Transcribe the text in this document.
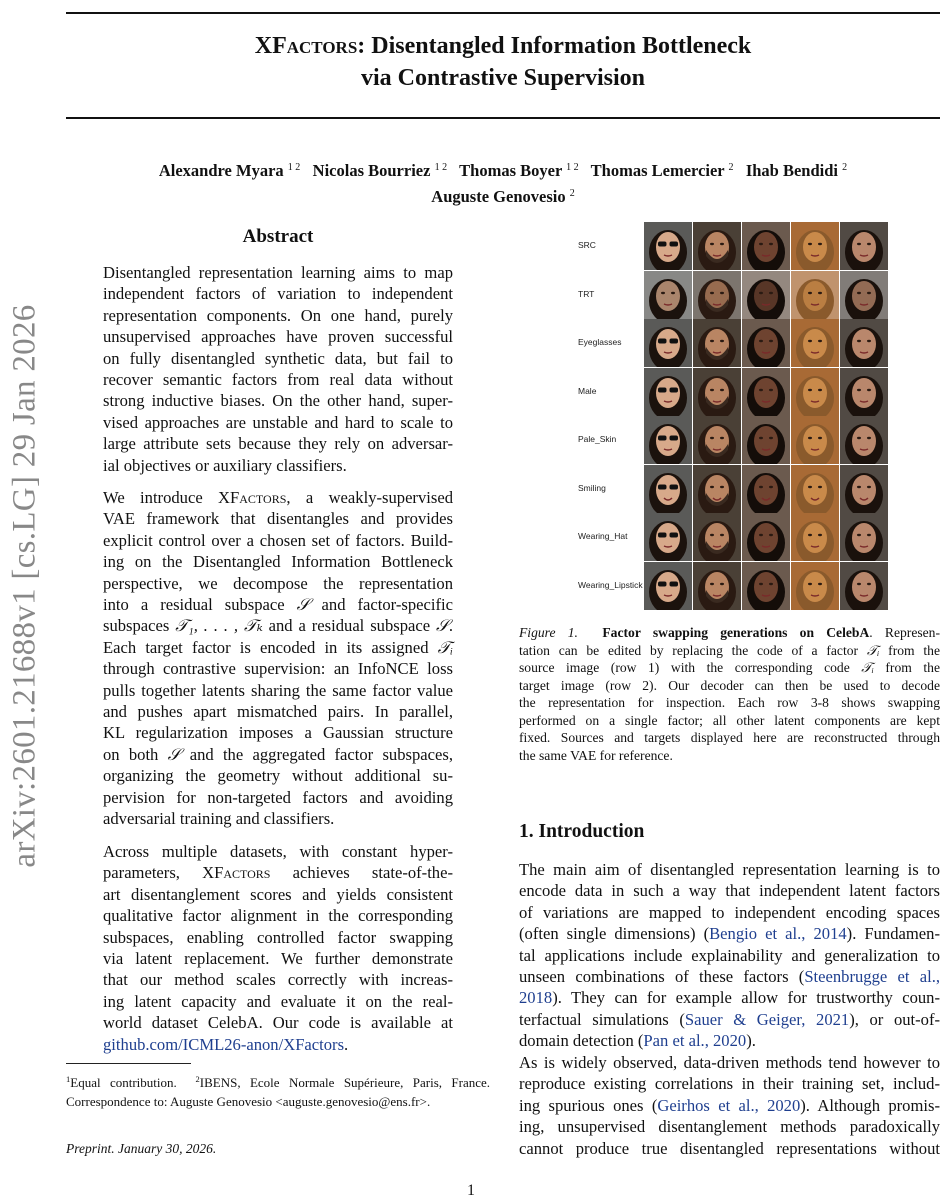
XFactors: Disentangled Information Bottleneck
via Contrastive Supervision
Alexandre Myara $^{1 2}$ Nicolas Bourriez $^{1 2}$ Thomas Boyer $^{1 2}$ Thomas Lemercier $^2$ Ihab Bendidi $^2$
Auguste Genovesio $^2$
arXiv:2601.21688v1 [cs.LG] 29 Jan 2026
Abstract
Disentangled representation learning aims to map
independent factors of variation to independent
representation components. On one hand, purely
unsupervised approaches have proven successful
on fully disentangled synthetic data, but fail to
recover semantic factors from real data without
strong inductive biases. On the other hand, super-
vised approaches are unstable and hard to scale to
large attribute sets because they rely on adversar-
ial objectives or auxiliary classifiers.
We introduce XFactors, a weakly-supervised
VAE framework that disentangles and provides
explicit control over a chosen set of factors. Build-
ing on the Disentangled Information Bottleneck
perspective, we decompose the representation
into a residual subspace 𝒮 and factor-specific
subspaces 𝒯₁, . . . , 𝒯ₖ and a residual subspace 𝒮.
Each target factor is encoded in its assigned 𝒯ᵢ
through contrastive supervision: an InfoNCE loss
pulls together latents sharing the same factor value
and pushes apart mismatched pairs. In parallel,
KL regularization imposes a Gaussian structure
on both 𝒮 and the aggregated factor subspaces,
organizing the geometry without additional su-
pervision for non-targeted factors and avoiding
adversarial training and classifiers.
Across multiple datasets, with constant hyper-
parameters, XFactors achieves state-of-the-
art disentanglement scores and yields consistent
qualitative factor alignment in the corresponding
subspaces, enabling controlled factor swapping
via latent replacement. We further demonstrate
that our method scales correctly with increas-
ing latent capacity and evaluate it on the real-
world dataset CelebA. Our code is available at
github.com/ICML26-anon/XFactors.
$^1$Equal contribution.  $^2$IBENS, Ecole Normale Supérieure, Paris, France. Correspondence to: Auguste Genovesio <auguste.genovesio@ens.fr>.
Preprint. January 30, 2026.
SRC
TRT
Eyeglasses
Male
Pale_Skin
Smiling
Wearing_Hat
Wearing_Lipstick
Figure 1. Factor swapping generations on CelebA. Represen-
tation can be edited by replacing the code of a factor 𝒯ᵢ from the
source image (row 1) with the corresponding code 𝒯ᵢ from the
target image (row 2). Our decoder can then be used to decode
the representation for inspection. Each row 3-8 shows swapping
performed on a single factor; all other latent components are kept
fixed. Sources and targets displayed here are reconstructed through
the same VAE for reference.
1. Introduction
The main aim of disentangled representation learning is to
encode data in such a way that independent latent factors
of variations are mapped to independent encoding spaces
(often single dimensions) (Bengio et al., 2014). Fundamen-
tal applications include explainability and generalization to
unseen combinations of these factors (Steenbrugge et al.,
2018). They can for example allow for trustworthy coun-
terfactual simulations (Sauer & Geiger, 2021), or out-of-
domain detection (Pan et al., 2020).
As is widely observed, data-driven methods tend however to
reproduce existing correlations in their training set, includ-
ing spurious ones (Geirhos et al., 2020). Although promis-
ing, unsupervised disentanglement methods paradoxically
cannot produce true disentangled representations without
1
